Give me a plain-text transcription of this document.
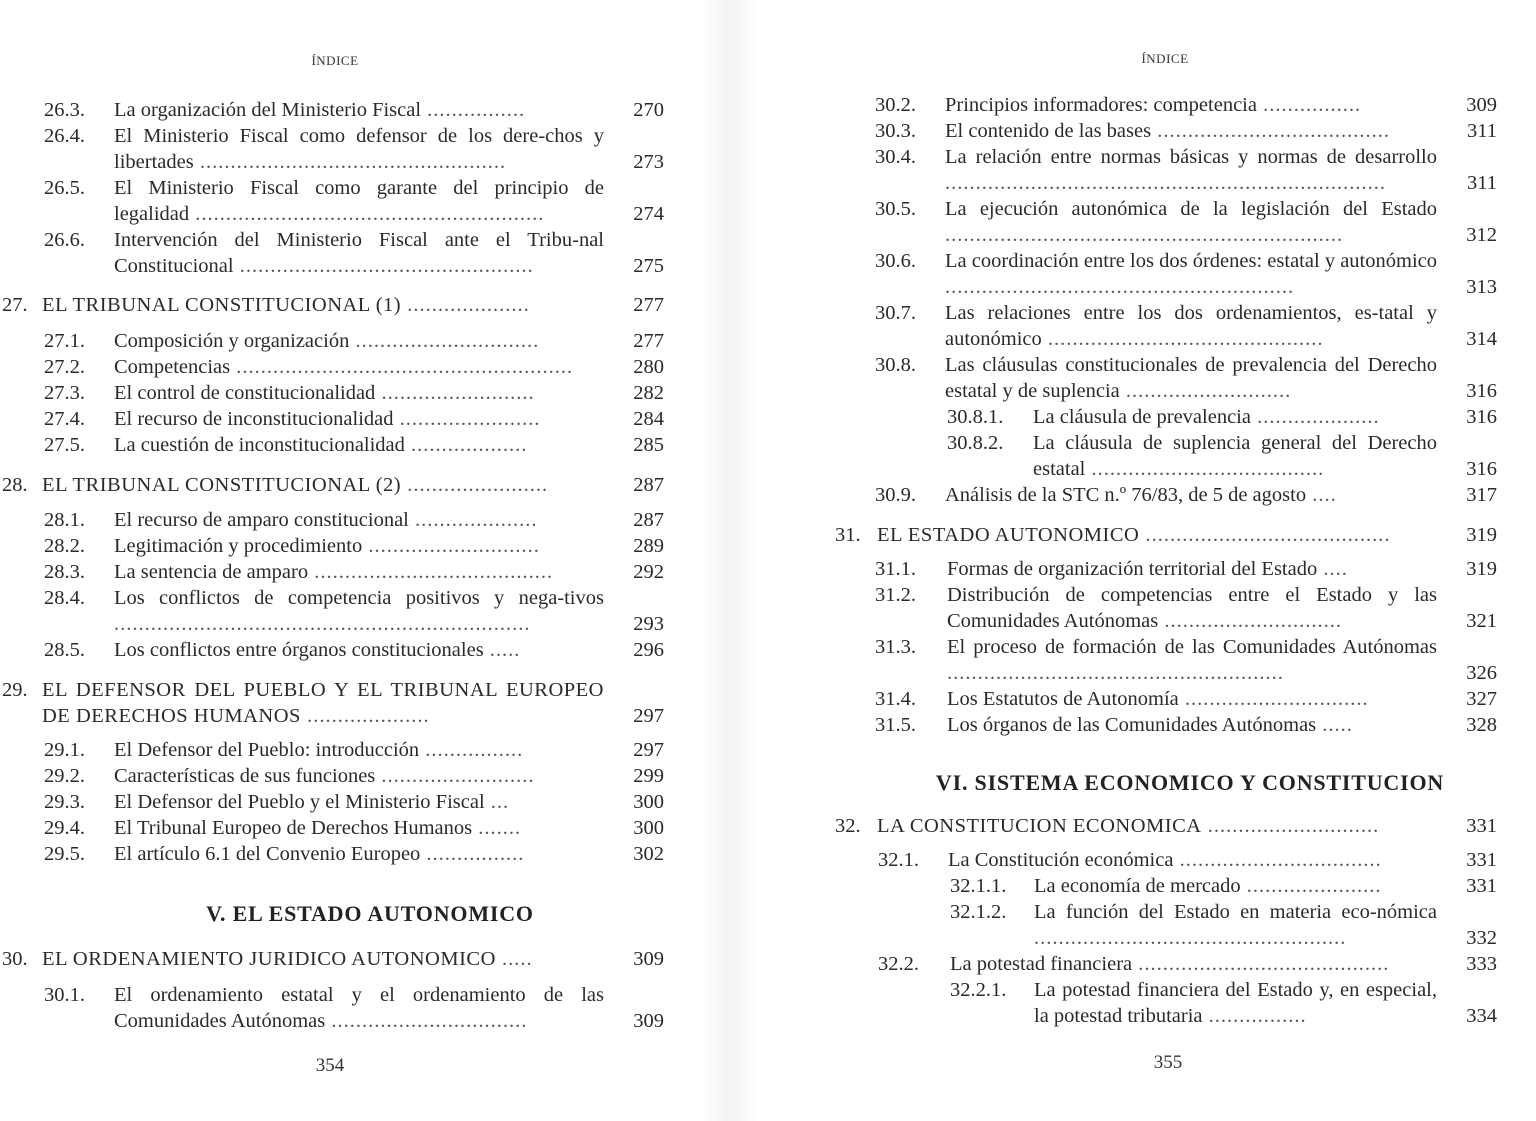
ÍNDICE
26.3. La organización del Ministerio Fiscal ................	270
26.4. El Ministerio Fiscal como defensor de los dere-chos y libertades ..................................................	273
26.5. El Ministerio Fiscal como garante del principio de legalidad .........................................................	274
26.6. Intervención del Ministerio Fiscal ante el Tribu-nal Constitucional ................................................	275
27. EL TRIBUNAL CONSTITUCIONAL (1) ....................	277
27.1. Composición y organización ..............................	277
27.2. Competencias .......................................................	280
27.3. El control de constitucionalidad .........................	282
27.4. El recurso de inconstitucionalidad .......................	284
27.5. La cuestión de inconstitucionalidad ...................	285
28. EL TRIBUNAL CONSTITUCIONAL (2) .......................	287
28.1. El recurso de amparo constitucional ....................	287
28.2. Legitimación y procedimiento ............................	289
28.3. La sentencia de amparo .......................................	292
28.4. Los conflictos de competencia positivos y nega-tivos ....................................................................	293
28.5. Los conflictos entre órganos constitucionales .....	296
29. EL DEFENSOR DEL PUEBLO Y EL TRIBUNAL EUROPEO DE DERECHOS HUMANOS ....................	297
29.1. El Defensor del Pueblo: introducción ................	297
29.2. Características de sus funciones .........................	299
29.3. El Defensor del Pueblo y el Ministerio Fiscal ...	300
29.4. El Tribunal Europeo de Derechos Humanos .......	300
29.5. El artículo 6.1 del Convenio Europeo ................	302
V. EL ESTADO AUTONOMICO
30. EL ORDENAMIENTO JURIDICO AUTONOMICO .....	309
30.1. El ordenamiento estatal y el ordenamiento de las Comunidades Autónomas ................................	309
354
ÍNDICE
30.2. Principios informadores: competencia ................	309
30.3. El contenido de las bases ......................................	311
30.4. La relación entre normas básicas y normas de desarrollo ........................................................................	311
30.5. La ejecución autonómica de la legislación del Estado .................................................................	312
30.6. La coordinación entre los dos órdenes: estatal y autonómico .........................................................	313
30.7. Las relaciones entre los dos ordenamientos, es-tatal y autonómico .............................................	314
30.8. Las cláusulas constitucionales de prevalencia del Derecho estatal y de suplencia ...........................	316
30.8.1. La cláusula de prevalencia ....................	316
30.8.2. La cláusula de suplencia general del Derecho estatal ......................................	316
30.9. Análisis de la STC n.º 76/83, de 5 de agosto ....	317
31. EL ESTADO AUTONOMICO ........................................	319
31.1. Formas de organización territorial del Estado ....	319
31.2. Distribución de competencias entre el Estado y las Comunidades Autónomas .............................	321
31.3. El proceso de formación de las Comunidades Autónomas .......................................................	326
31.4. Los Estatutos de Autonomía ..............................	327
31.5. Los órganos de las Comunidades Autónomas .....	328
VI. SISTEMA ECONOMICO Y CONSTITUCION
32. LA CONSTITUCION ECONOMICA ............................	331
32.1. La Constitución económica .................................	331
32.1.1. La economía de mercado ......................	331
32.1.2. La función del Estado en materia eco-nómica ...................................................	332
32.2. La potestad financiera .........................................	333
32.2.1. La potestad financiera del Estado y, en especial, la potestad tributaria ................	334
355
